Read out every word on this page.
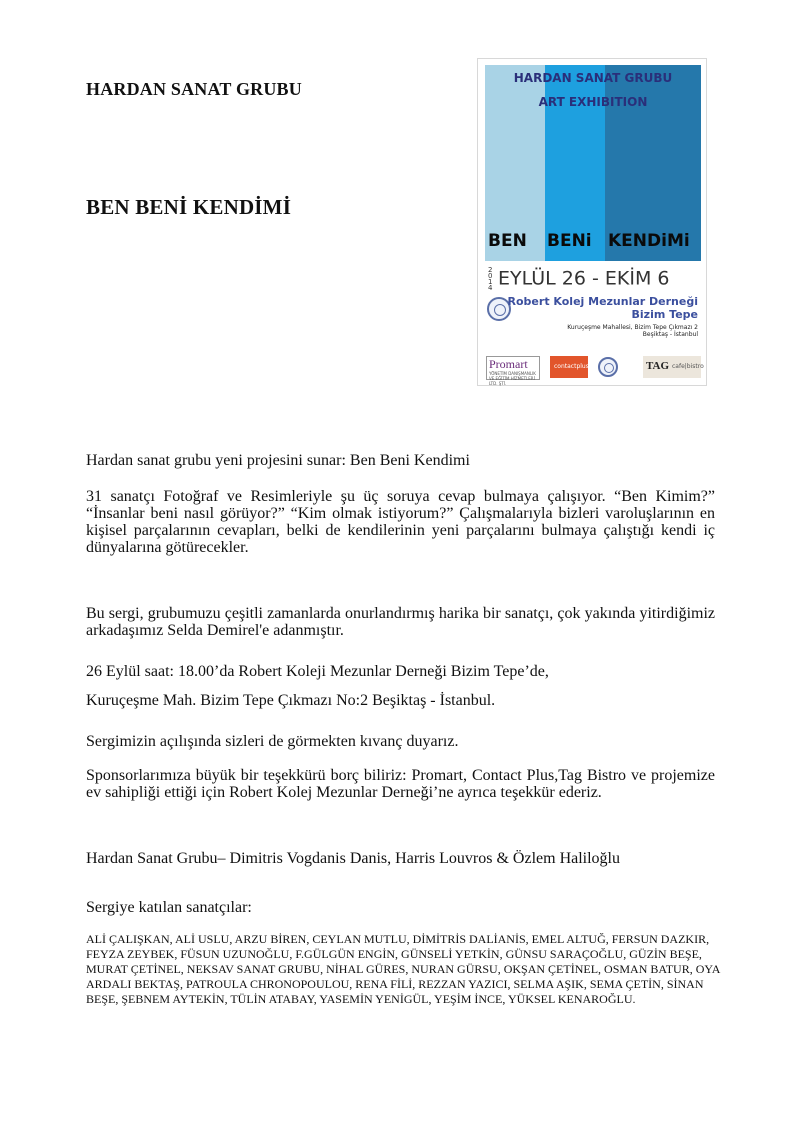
HARDAN SANAT GRUBU
BEN BENİ KENDİMİ
HARDAN SANAT GRUBU
ART EXHIBITION
BEN BENi KENDiMi
2014 EYLÜL 26 - EKİM 6
Robert Kolej Mezunlar Derneği
Bizim Tepe
Kuruçeşme Mahallesi, Bizim Tepe Çıkmazı 2
Beşiktaş - İstanbul
Promart
YÖNETİM DANIŞMANLIK VE EĞİTİM HİZMETLERİ LTD. ŞTİ.
contactplus	TAG cafe|bistro
Hardan sanat grubu yeni projesini sunar: Ben Beni Kendimi

31 sanatçı Fotoğraf ve Resimleriyle şu üç soruya cevap bulmaya çalışıyor. “Ben Kimim?” “İnsanlar beni nasıl görüyor?” “Kim olmak istiyorum?” Çalışmalarıyla bizleri varoluşlarının en kişisel parçalarının cevapları, belki de kendilerinin yeni parçalarını bulmaya çalıştığı kendi iç dünyalarına götürecekler.

Bu sergi, grubumuzu çeşitli zamanlarda onurlandırmış harika bir sanatçı, çok yakında yitirdiğimiz arkadaşımız Selda Demirel'e adanmıştır.

26 Eylül saat: 18.00’da Robert Koleji Mezunlar Derneği Bizim Tepe’de,
Kuruçeşme Mah. Bizim Tepe Çıkmazı No:2 Beşiktaş - İstanbul.
Sergimizin açılışında sizleri de görmekten kıvanç duyarız.

Sponsorlarımıza büyük bir teşekkürü borç biliriz: Promart, Contact Plus,Tag Bistro ve projemize ev sahipliği ettiği için Robert Kolej Mezunlar Derneği’ne ayrıca teşekkür ederiz.

Hardan Sanat Grubu– Dimitris Vogdanis Danis, Harris Louvros & Özlem Haliloğlu
Sergiye katılan sanatçılar:

ALİ ÇALIŞKAN, ALİ USLU, ARZU BİREN, CEYLAN MUTLU, DİMİTRİS DALİANİS, EMEL ALTUĞ, FERSUN DAZKIR, FEYZA ZEYBEK, FÜSUN UZUNOĞLU, F.GÜLGÜN ENGİN, GÜNSELİ YETKİN, GÜNSU SARAÇOĞLU, GÜZİN BEŞE, MURAT ÇETİNEL, NEKSAV SANAT GRUBU, NİHAL GÜRES, NURAN GÜRSU, OKŞAN ÇETİNEL, OSMAN BATUR, OYA ARDALI BEKTAŞ, PATROULA CHRONOPOULOU, RENA FİLİ, REZZAN YAZICI, SELMA AŞIK, SEMA ÇETİN, SİNAN BEŞE, ŞEBNEM AYTEKİN, TÜLİN ATABAY, YASEMİN YENİGÜL, YEŞİM İNCE, YÜKSEL KENAROĞLU.
